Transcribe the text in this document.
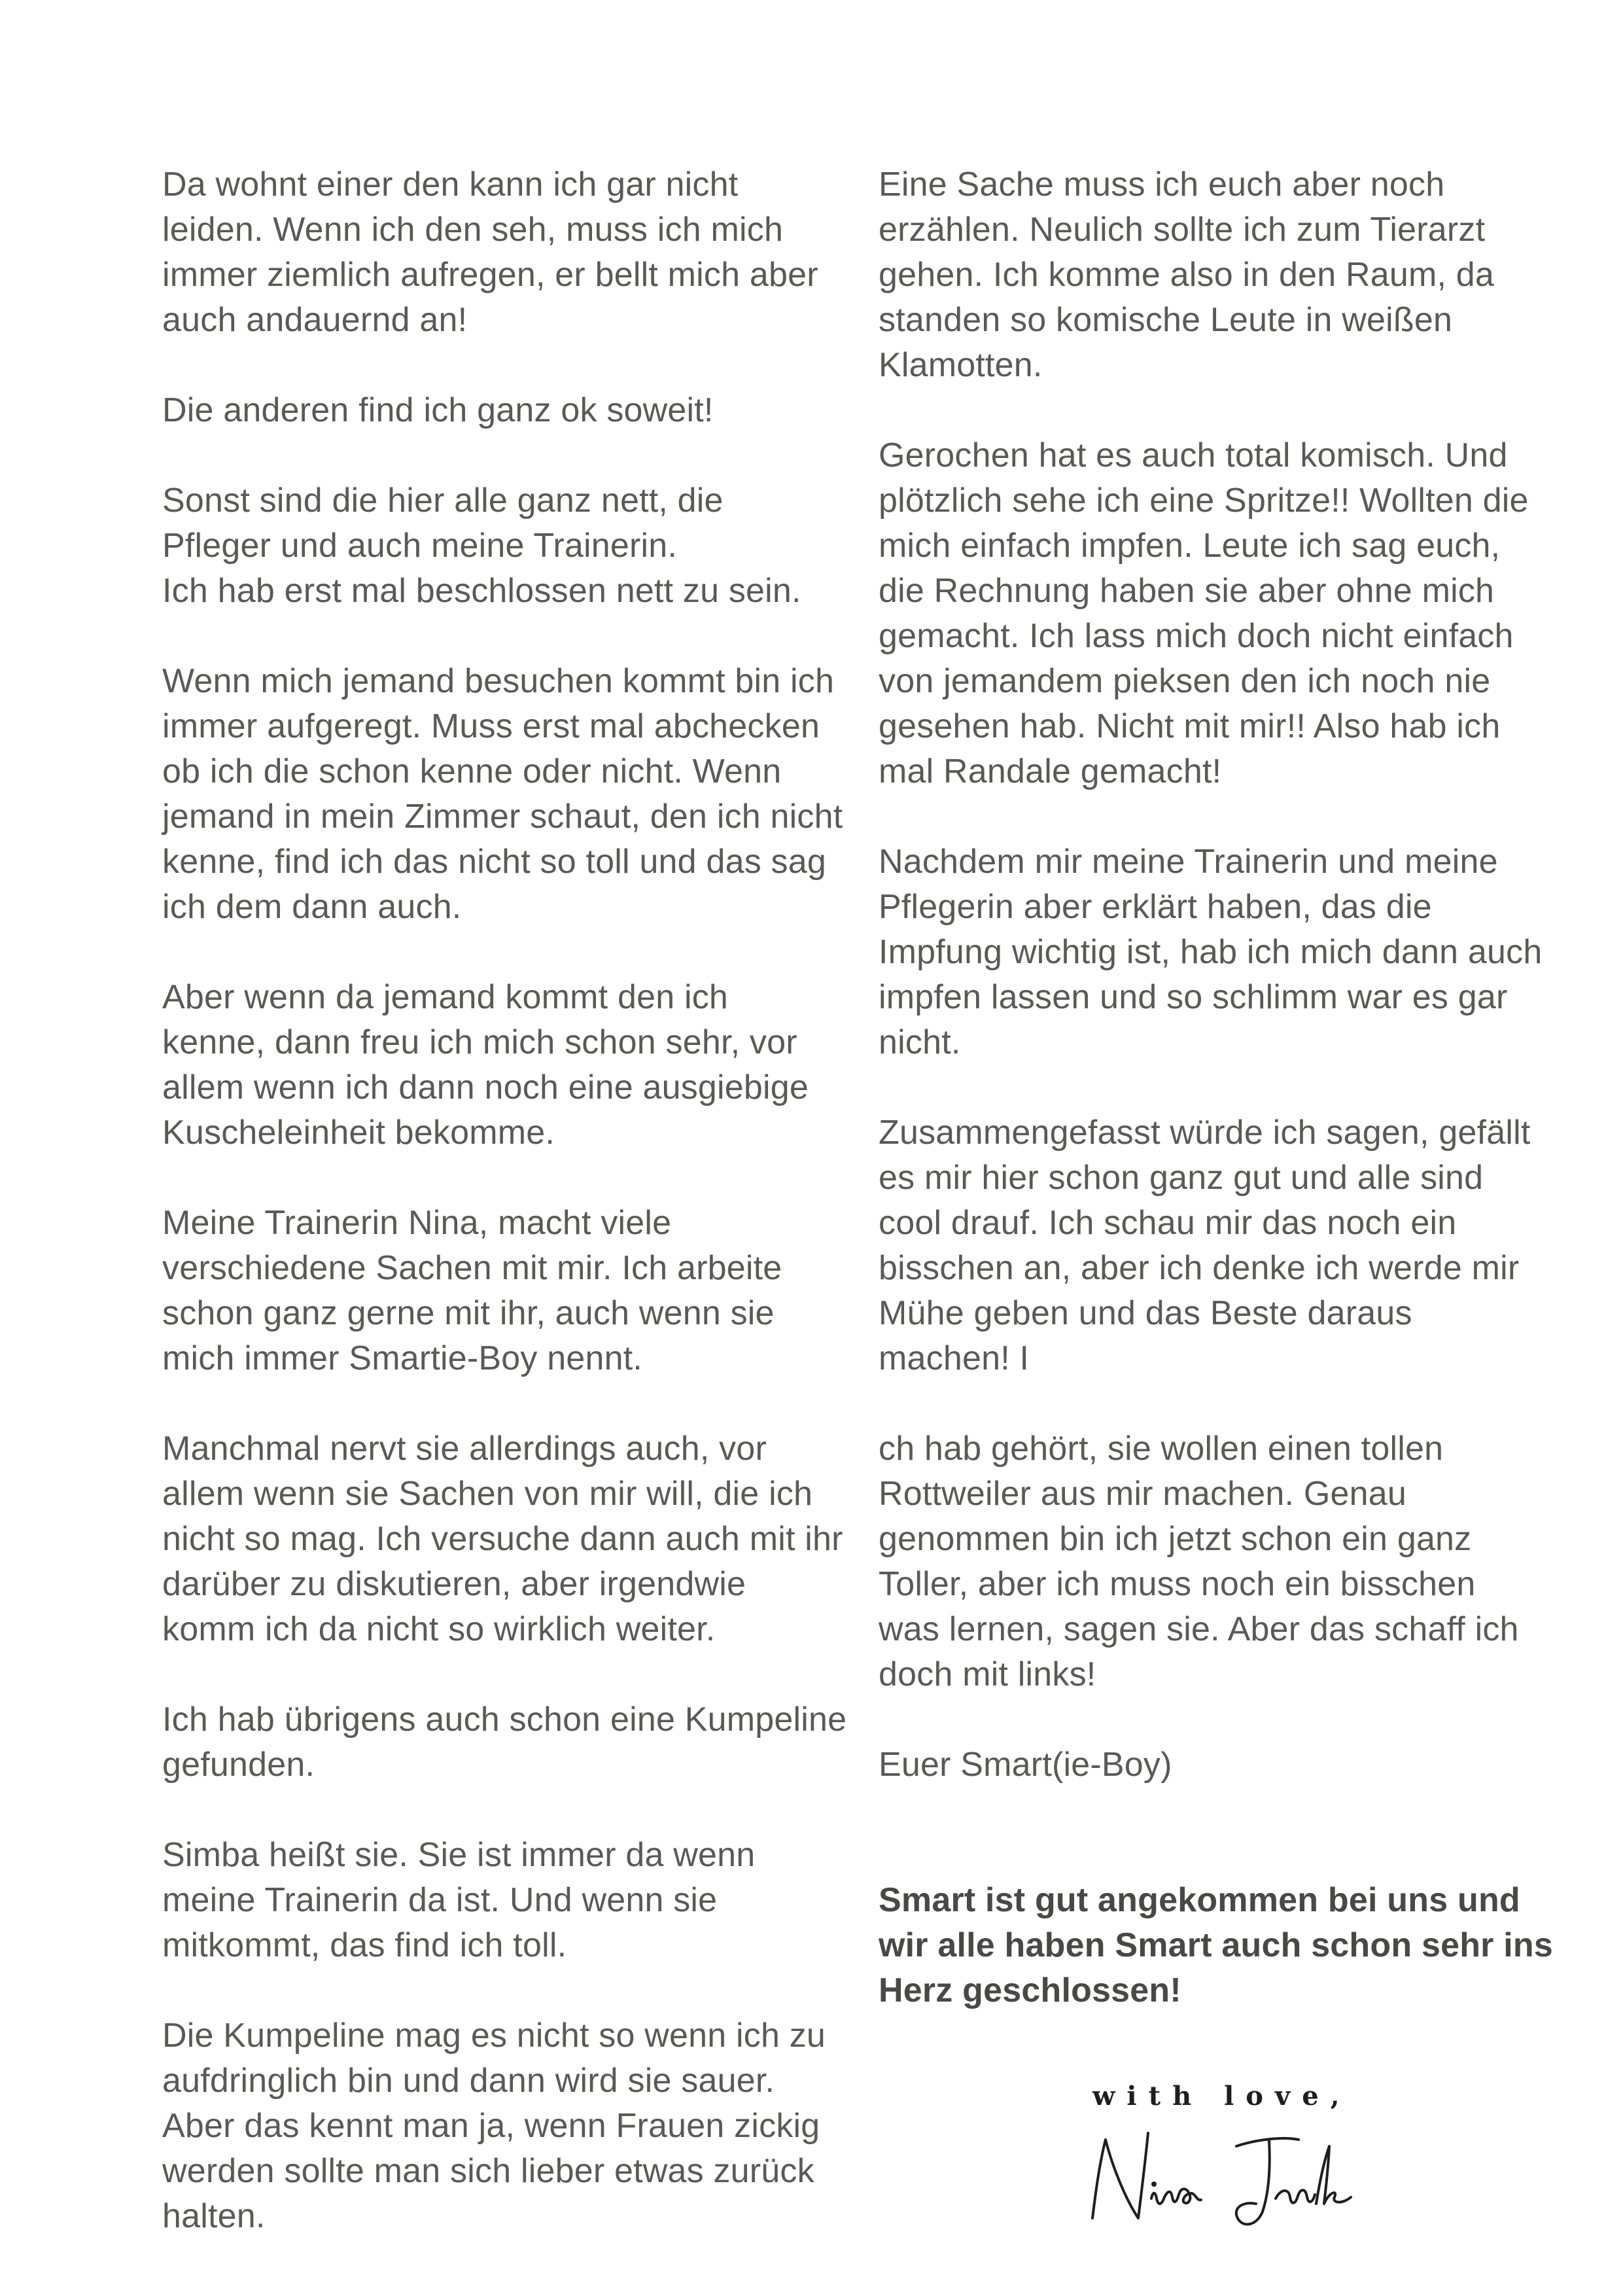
Da wohnt einer den kann ich gar nicht
leiden. Wenn ich den seh, muss ich mich
immer ziemlich aufregen, er bellt mich aber
auch andauernd an!

Die anderen find ich ganz ok soweit!

Sonst sind die hier alle ganz nett, die
Pfleger und auch meine Trainerin.
Ich hab erst mal beschlossen nett zu sein.

Wenn mich jemand besuchen kommt bin ich
immer aufgeregt. Muss erst mal abchecken
ob ich die schon kenne oder nicht. Wenn
jemand in mein Zimmer schaut, den ich nicht
kenne, find ich das nicht so toll und das sag
ich dem dann auch.

Aber wenn da jemand kommt den ich
kenne, dann freu ich mich schon sehr, vor
allem wenn ich dann noch eine ausgiebige
Kuscheleinheit bekomme.

Meine Trainerin Nina, macht viele
verschiedene Sachen mit mir. Ich arbeite
schon ganz gerne mit ihr, auch wenn sie
mich immer Smartie-Boy nennt.

Manchmal nervt sie allerdings auch, vor
allem wenn sie Sachen von mir will, die ich
nicht so mag. Ich versuche dann auch mit ihr
darüber zu diskutieren, aber irgendwie
komm ich da nicht so wirklich weiter.

Ich hab übrigens auch schon eine Kumpeline
gefunden.

Simba heißt sie. Sie ist immer da wenn
meine Trainerin da ist. Und wenn sie
mitkommt, das find ich toll.

Die Kumpeline mag es nicht so wenn ich zu
aufdringlich bin und dann wird sie sauer.
Aber das kennt man ja, wenn Frauen zickig
werden sollte man sich lieber etwas zurück
halten.

Eine Sache muss ich euch aber noch
erzählen. Neulich sollte ich zum Tierarzt
gehen. Ich komme also in den Raum, da
standen so komische Leute in weißen
Klamotten.

Gerochen hat es auch total komisch. Und
plötzlich sehe ich eine Spritze!! Wollten die
mich einfach impfen. Leute ich sag euch,
die Rechnung haben sie aber ohne mich
gemacht. Ich lass mich doch nicht einfach
von jemandem pieksen den ich noch nie
gesehen hab. Nicht mit mir!! Also hab ich
mal Randale gemacht!

Nachdem mir meine Trainerin und meine
Pflegerin aber erklärt haben, das die
Impfung wichtig ist, hab ich mich dann auch
impfen lassen und so schlimm war es gar
nicht.

Zusammengefasst würde ich sagen, gefällt
es mir hier schon ganz gut und alle sind
cool drauf. Ich schau mir das noch ein
bisschen an, aber ich denke ich werde mir
Mühe geben und das Beste daraus
machen! I

ch hab gehört, sie wollen einen tollen
Rottweiler aus mir machen. Genau
genommen bin ich jetzt schon ein ganz
Toller, aber ich muss noch ein bisschen
was lernen, sagen sie. Aber das schaff ich
doch mit links!

Euer Smart(ie-Boy)

Smart ist gut angekommen bei uns und
wir alle haben Smart auch schon sehr ins
Herz geschlossen!

with love,
